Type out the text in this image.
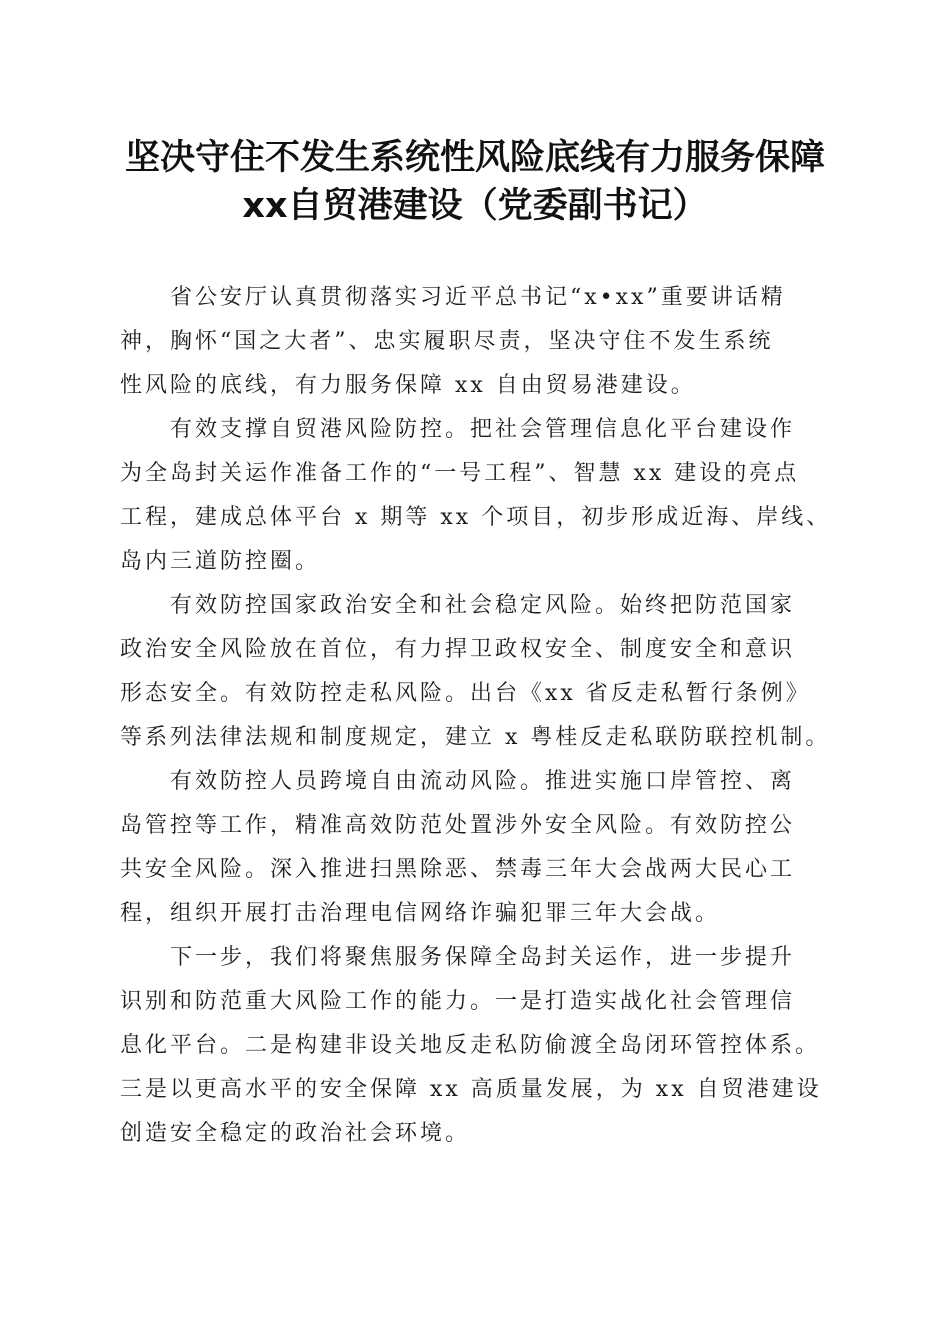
坚决守住不发生系统性风险底线有力服务保障
xx自贸港建设（党委副书记）
　　省公安厅认真贯彻落实习近平总书记“x•xx”重要讲话精
神，胸怀“国之大者”、忠实履职尽责，坚决守住不发生系统
性风险的底线，有力服务保障 xx 自由贸易港建设。
　　有效支撑自贸港风险防控。把社会管理信息化平台建设作
为全岛封关运作准备工作的“一号工程”、智慧 xx 建设的亮点
工程，建成总体平台 x 期等 xx 个项目，初步形成近海、岸线、
岛内三道防控圈。
　　有效防控国家政治安全和社会稳定风险。始终把防范国家
政治安全风险放在首位，有力捍卫政权安全、制度安全和意识
形态安全。有效防控走私风险。出台《xx 省反走私暂行条例》
等系列法律法规和制度规定，建立 x 粤桂反走私联防联控机制。
　　有效防控人员跨境自由流动风险。推进实施口岸管控、离
岛管控等工作，精准高效防范处置涉外安全风险。有效防控公
共安全风险。深入推进扫黑除恶、禁毒三年大会战两大民心工
程，组织开展打击治理电信网络诈骗犯罪三年大会战。
　　下一步，我们将聚焦服务保障全岛封关运作，进一步提升
识别和防范重大风险工作的能力。一是打造实战化社会管理信
息化平台。二是构建非设关地反走私防偷渡全岛闭环管控体系。
三是以更高水平的安全保障 xx 高质量发展，为 xx 自贸港建设
创造安全稳定的政治社会环境。
